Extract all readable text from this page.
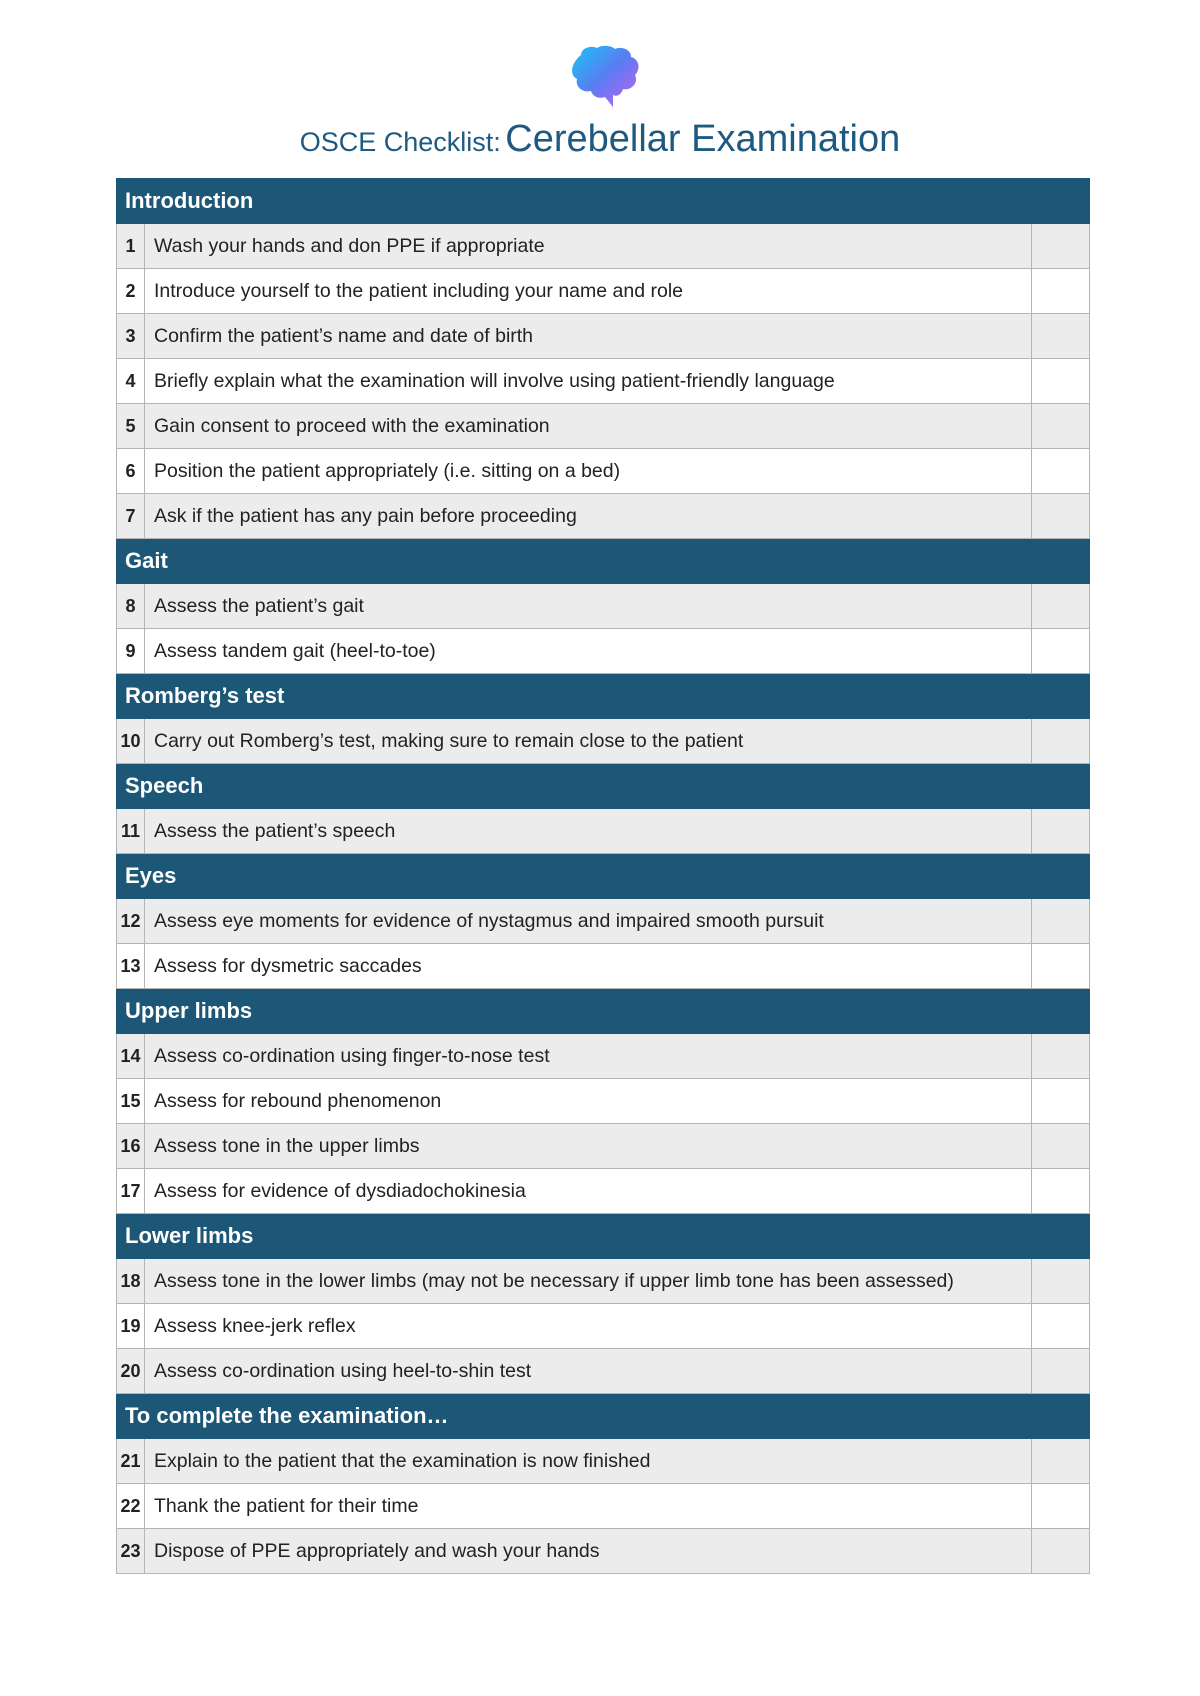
OSCE Checklist: Cerebellar Examination
Introduction		
1	Wash your hands and don PPE if appropriate	
2	Introduce yourself to the patient including your name and role	
3	Confirm the patient’s name and date of birth	
4	Briefly explain what the examination will involve using patient-friendly language	
5	Gain consent to proceed with the examination	
6	Position the patient appropriately (i.e. sitting on a bed)	
7	Ask if the patient has any pain before proceeding	
Gait		
8	Assess the patient’s gait	
9	Assess tandem gait (heel-to-toe)	
Romberg’s test		
10	Carry out Romberg’s test, making sure to remain close to the patient	
Speech		
11	Assess the patient’s speech	
Eyes		
12	Assess eye moments for evidence of nystagmus and impaired smooth pursuit	
13	Assess for dysmetric saccades	
Upper limbs		
14	Assess co-ordination using finger-to-nose test	
15	Assess for rebound phenomenon	
16	Assess tone in the upper limbs	
17	Assess for evidence of dysdiadochokinesia	
Lower limbs		
18	Assess tone in the lower limbs (may not be necessary if upper limb tone has been assessed)	
19	Assess knee-jerk reflex	
20	Assess co-ordination using heel-to-shin test	
To complete the examination…		
21	Explain to the patient that the examination is now finished	
22	Thank the patient for their time	
23	Dispose of PPE appropriately and wash your hands	
